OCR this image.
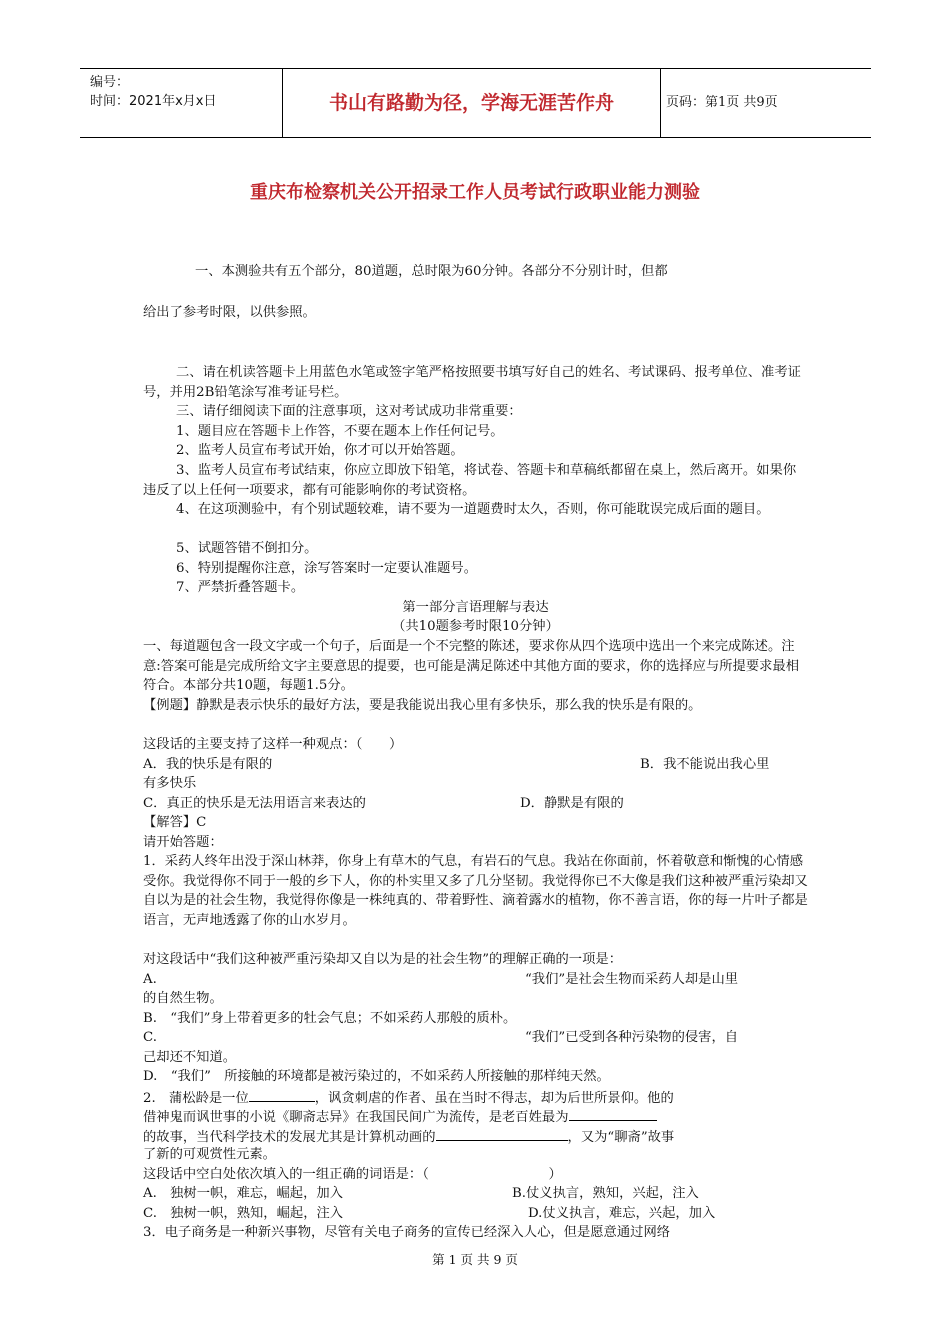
编号：
时间：2021年x月x日	书山有路勤为径，学海无涯苦作舟	页码：第1页 共9页
重庆布检察机关公开招录工作人员考试行政职业能力测验
一、本测验共有五个部分，80道题，总时限为60分钟。各部分不分别计时，但都
给出了参考时限，以供参照。

二、请在机读答题卡上用蓝色水笔或签字笔严格按照要书填写好自己的姓名、考试课码、报考单位、准考证号，并用2B铅笔涂写准考证号栏。

三、请仔细阅读下面的注意事项，这对考试成功非常重要：
1、题目应在答题卡上作答，不要在题本上作任何记号。
2、监考人员宣布考试开始，你才可以开始答题。

3、监考人员宣布考试结束，你应立即放下铅笔，将试卷、答题卡和草稿纸都留在桌上，然后离开。如果你违反了以上任何一项要求，都有可能影响你的考试资格。

4、在这项测验中，有个别试题较难，请不要为一道题费时太久，否则，你可能耽误完成后面的题目。

5、试题答错不倒扣分。
6、特别提醒你注意，涂写答案时一定要认准题号。
7、严禁折叠答题卡。
第一部分言语理解与表达
（共10题参考时限10分钟）

一、每道题包含一段文字或一个句子，后面是一个不完整的陈述，要求你从四个选项中选出一个来完成陈述。注意:答案可能是完成所给文字主要意思的提要，也可能是满足陈述中其他方面的要求，你的选择应与所提要求最相符合。本部分共10题，每题1.5分。

【例题】静默是表示快乐的最好方法，要是我能说出我心里有多快乐，那么我的快乐是有限的。

这段话的主要支持了这样一种观点：（　　）
A．我的快乐是有限的	B．我不能说出我心里
有多快乐
C．真正的快乐是无法用语言来表达的	D．静默是有限的
【解答】C
请开始答题：

1．采药人终年出没于深山林莽，你身上有草木的气息，有岩石的气息。我站在你面前，怀着敬意和惭愧的心情感受你。我觉得你不同于一般的乡下人，你的朴实里又多了几分坚韧。我觉得你已不大像是我们这种被严重污染却又自以为是的社会生物，我觉得你像是一株纯真的、带着野性、滴着露水的植物，你不善言语，你的每一片叶子都是语言，无声地透露了你的山水岁月。

对这段话中“我们这种被严重污染却又自以为是的社会生物”的理解正确的一项是：
A.	“我们”是社会生物而采药人却是山里
的自然生物。
B.　“我们”身上带着更多的牡会气息；不如采药人那般的质朴。
C.	“我们”已受到各种污染物的侵害，自
己却还不知道。
D.　“我们”　所接触的环境都是被污染过的，不如采药人所接触的那样纯天然。
2.　蒲松龄是一位	，讽贪刺虐的作者、虽在当时不得志，却为后世所景仰。他的
借神鬼而讽世事的小说《聊斋志异》在我国民间广为流传，是老百姓最为
的故事，当代科学技术的发展尤其是计算机动画的	，又为“聊斋”故事
了新的可观赏性元素。
这段话中空白处依次填入的一组正确的词语是：（　　　　　　　　　）
A.　独树一帜，难忘，崛起，加入	B.仗义执言，熟知，兴起，注入
C.　独树一帜，熟知，崛起，注入	D.仗义执言，难忘，兴起，加入
3．电子商务是一种新兴事物，尽管有关电子商务的宣传已经深入人心，但是愿意通过网络
第 1 页 共 9 页
